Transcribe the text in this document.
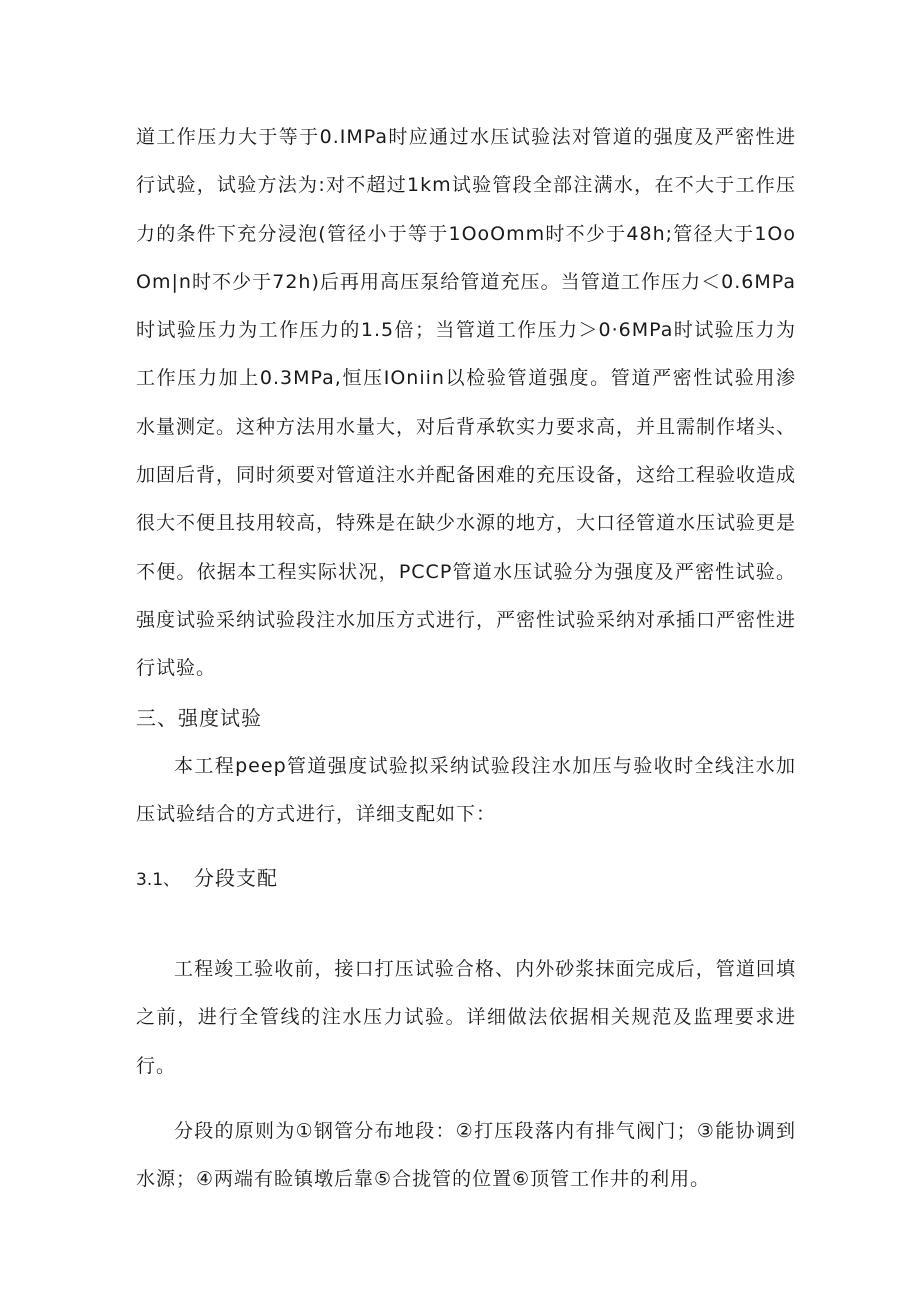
道工作压力大于等于0.IMPa时应通过水压试验法对管道的强度及严密性进行试验，试验方法为:对不超过1km试验管段全部注满水，在不大于工作压力的条件下充分浸泡(管径小于等于1OoOmm时不少于48h;管径大于1OoOm|n时不少于72h)后再用高压泵给管道充压。当管道工作压力＜0.6MPa时试验压力为工作压力的1.5倍；当管道工作压力＞0·6MPa时试验压力为工作压力加上0.3MPa,恒压IOniin以检验管道强度。管道严密性试验用渗水量测定。这种方法用水量大，对后背承软实力要求高，并且需制作堵头、加固后背，同时须要对管道注水并配备困难的充压设备，这给工程验收造成很大不便且技用较高，特殊是在缺少水源的地方，大口径管道水压试验更是不便。依据本工程实际状况，PCCP管道水压试验分为强度及严密性试验。强度试验采纳试验段注水加压方式进行，严密性试验采纳对承插口严密性进行试验。

三、强度试验

本工程peep管道强度试验拟采纳试验段注水加压与验收时全线注水加压试验结合的方式进行，详细支配如下：

3.1、 分段支配

工程竣工验收前，接口打压试验合格、内外砂浆抹面完成后，管道回填之前，进行全管线的注水压力试验。详细做法依据相关规范及监理要求进行。

分段的原则为①钢管分布地段：②打压段落内有排气阀门；③能协调到水源；④两端有睑镇墩后靠⑤合拢管的位置⑥顶管工作井的利用。
